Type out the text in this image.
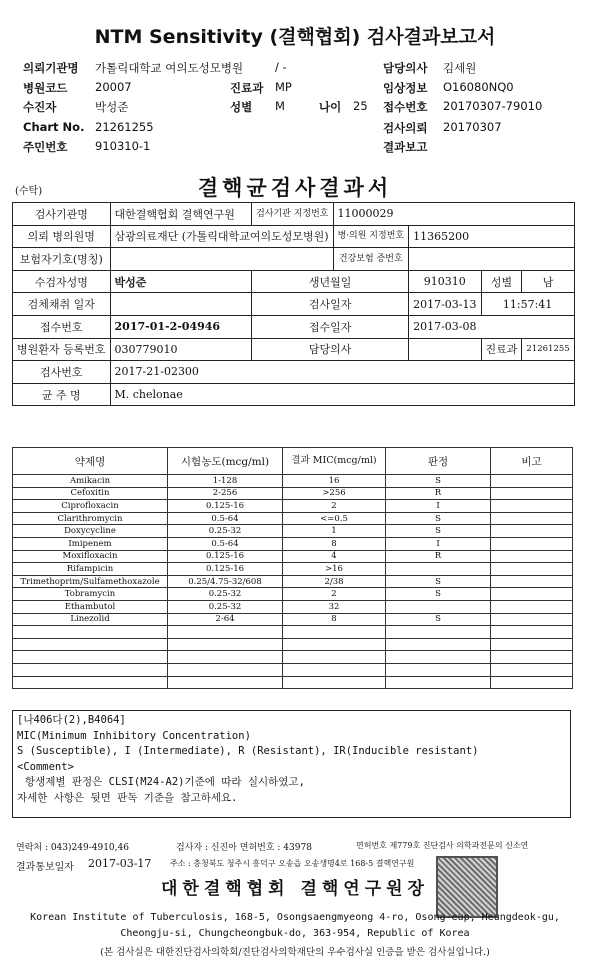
NTM Sensitivity (결핵협회) 검사결과보고서
의뢰기관명 가톨릭대학교 여의도성모병원	/ -	담당의사 김세원
병원코드 20007	진료과 MP	임상정보 O16080NQ0
수진자	박성준	성별 M	나이 25 접수번호 20170307-79010
Chart No. 21261255	검사의뢰 20170307
주민번호 910310-1	결과보고
(수탁)	결핵균검사결과서
검사기관명	대한결핵협회 결핵연구원	검사기관 지정번호	11000029			
의뢰 병의원명	삼광의료재단 (가톨릭대학교여의도성모병원)		병·의원 지정번호	11365200		
보험자기호(명칭)			건강보험 증번호			
수검자성명	박성준	생년월일		910310	성별	남
검체채취 일자		검사일자		2017-03-13	11:57:41	
접수번호	2017-01-2-04946	접수일자		2017-03-08		
병원환자 등록번호	030779010	담당의사			진료과	21261255
검사번호	2017-21-02300					
균 주 명	M. chelonae					
약제명	시험농도(mcg/ml)	결과 MIC(mcg/ml)	판정	비고
Amikacin	1-128	16	S	
Cefoxitin	2-256	>256	R	
Ciprofloxacin	0.125-16	2	I	
Clarithromycin	0.5-64	<=0.5	S	
Doxycycline	0.25-32	1	S	
Imipenem	0.5-64	8	I	
Moxifloxacin	0.125-16	4	R	
Rifampicin	0.125-16	>16		
Trimethoprim/Sulfamethoxazole	0.25/4.75-32/608	2/38	S	
Tobramycin	0.25-32	2	S	
Ethambutol	0.25-32	32		
Linezolid	2-64	8	S	

[나406다(2),B4064]
MIC(Minimum Inhibitory Concentration)
S (Susceptible), I (Intermediate), R (Resistant), IR(Inducible resistant)
<Comment>
항생제별 판정은 CLSI(M24-A2)기준에 따라 실시하였고,
자세한 사항은 뒷면 판독 기준을 참고하세요.
연락처 : 043)249-4910,46	검사자 : 신진아 면허번호 : 43978	면허번호 제779호 진단검사 의학과전문의 신소연
결과통보일자 2017-03-17 주소 : 충청북도 청주시 흥덕구 오송읍 오송생명4로 168-5 결핵연구원
대한결핵협회 결핵연구원장
Korean Institute of Tuberculosis, 168-5, Osongsaengmyeong 4-ro, Osong-eup, Heungdeok-gu,
Cheongju-si, Chungcheongbuk-do, 363-954, Republic of Korea
(본 검사실은 대한진단검사의학회/진단검사의학재단의 우수검사실 인증을 받은 검사실입니다.)
